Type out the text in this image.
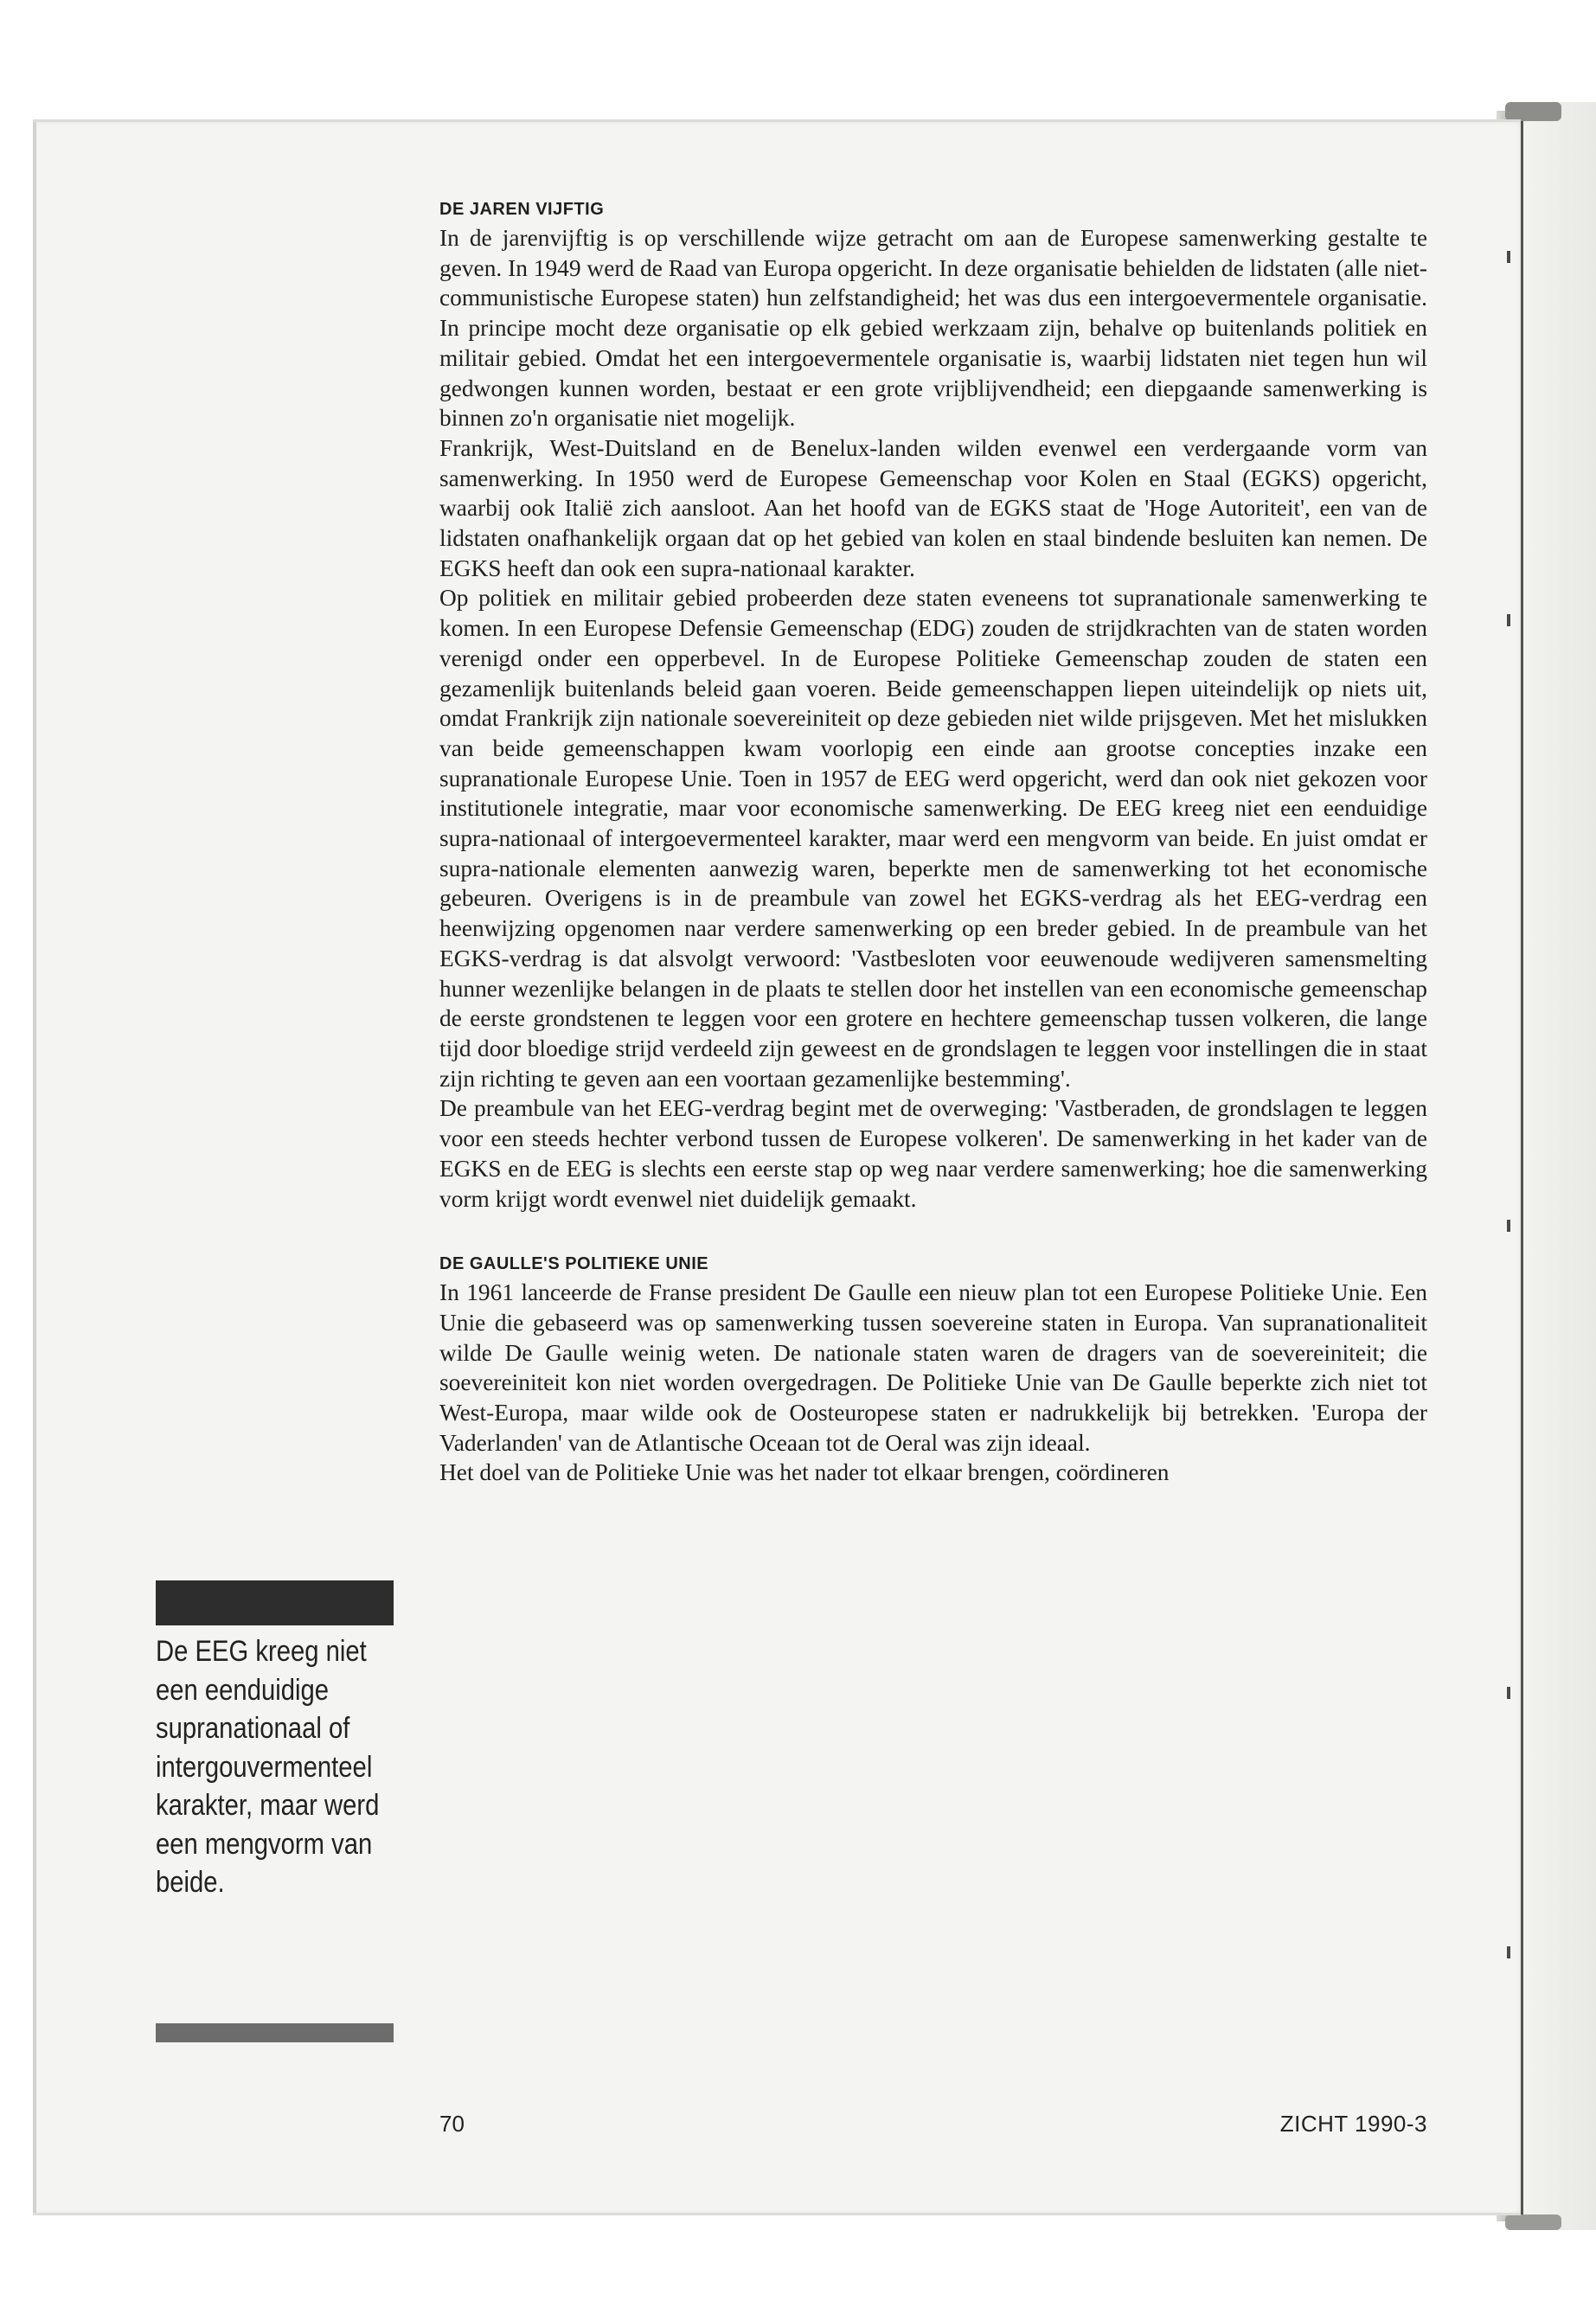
DE JAREN VIJFTIG

In de jarenvijftig is op verschillende wijze getracht om aan de Europese samenwerking gestalte te geven. In 1949 werd de Raad van Europa opgericht. In deze organisatie behielden de lidstaten (alle niet-communistische Europese staten) hun zelfstandigheid; het was dus een intergoevermentele organisatie. In principe mocht deze organisatie op elk gebied werkzaam zijn, behalve op buitenlands politiek en militair gebied. Omdat het een intergoevermentele organisatie is, waarbij lidstaten niet tegen hun wil gedwongen kunnen worden, bestaat er een grote vrijblijvendheid; een diepgaande samenwerking is binnen zo'n organisatie niet mogelijk.

Frankrijk, West-Duitsland en de Benelux-landen wilden evenwel een verdergaande vorm van samenwerking. In 1950 werd de Europese Gemeenschap voor Kolen en Staal (EGKS) opgericht, waarbij ook Italië zich aansloot. Aan het hoofd van de EGKS staat de 'Hoge Autoriteit', een van de lidstaten onafhankelijk orgaan dat op het gebied van kolen en staal bindende besluiten kan nemen. De EGKS heeft dan ook een supra-nationaal karakter.

Op politiek en militair gebied probeerden deze staten eveneens tot supranationale samenwerking te komen. In een Europese Defensie Gemeenschap (EDG) zouden de strijdkrachten van de staten worden verenigd onder een opperbevel. In de Europese Politieke Gemeenschap zouden de staten een gezamenlijk buitenlands beleid gaan voeren. Beide gemeenschappen liepen uiteindelijk op niets uit, omdat Frankrijk zijn nationale soevereiniteit op deze gebieden niet wilde prijsgeven. Met het mislukken van beide gemeenschappen kwam voorlopig een einde aan grootse concepties inzake een supranationale Europese Unie. Toen in 1957 de EEG werd opgericht, werd dan ook niet gekozen voor institutionele integratie, maar voor economische samenwerking. De EEG kreeg niet een eenduidige supra-nationaal of intergoevermenteel karakter, maar werd een mengvorm van beide. En juist omdat er supra-nationale elementen aanwezig waren, beperkte men de samenwerking tot het economische gebeuren. Overigens is in de preambule van zowel het EGKS-verdrag als het EEG-verdrag een heenwijzing opgenomen naar verdere samenwerking op een breder gebied. In de preambule van het EGKS-verdrag is dat alsvolgt verwoord: 'Vastbesloten voor eeuwenoude wedijveren samensmelting hunner wezenlijke belangen in de plaats te stellen door het instellen van een economische gemeenschap de eerste grondstenen te leggen voor een grotere en hechtere gemeenschap tussen volkeren, die lange tijd door bloedige strijd verdeeld zijn geweest en de grondslagen te leggen voor instellingen die in staat zijn richting te geven aan een voortaan gezamenlijke bestemming'.

De preambule van het EEG-verdrag begint met de overweging: 'Vastberaden, de grondslagen te leggen voor een steeds hechter verbond tussen de Europese volkeren'. De samenwerking in het kader van de EGKS en de EEG is slechts een eerste stap op weg naar verdere samenwerking; hoe die samenwerking vorm krijgt wordt evenwel niet duidelijk gemaakt.

DE GAULLE'S POLITIEKE UNIE

In 1961 lanceerde de Franse president De Gaulle een nieuw plan tot een Europese Politieke Unie. Een Unie die gebaseerd was op samenwerking tussen soevereine staten in Europa. Van supranationaliteit wilde De Gaulle weinig weten. De nationale staten waren de dragers van de soevereiniteit; die soevereiniteit kon niet worden overgedragen. De Politieke Unie van De Gaulle beperkte zich niet tot West-Europa, maar wilde ook de Oosteuropese staten er nadrukkelijk bij betrekken. 'Europa der Vaderlanden' van de Atlantische Oceaan tot de Oeral was zijn ideaal.

Het doel van de Politieke Unie was het nader tot elkaar brengen, coördineren

De EEG kreeg niet een eenduidige supranationaal of intergouvermenteel karakter, maar werd een mengvorm van beide.

70	ZICHT 1990-3
